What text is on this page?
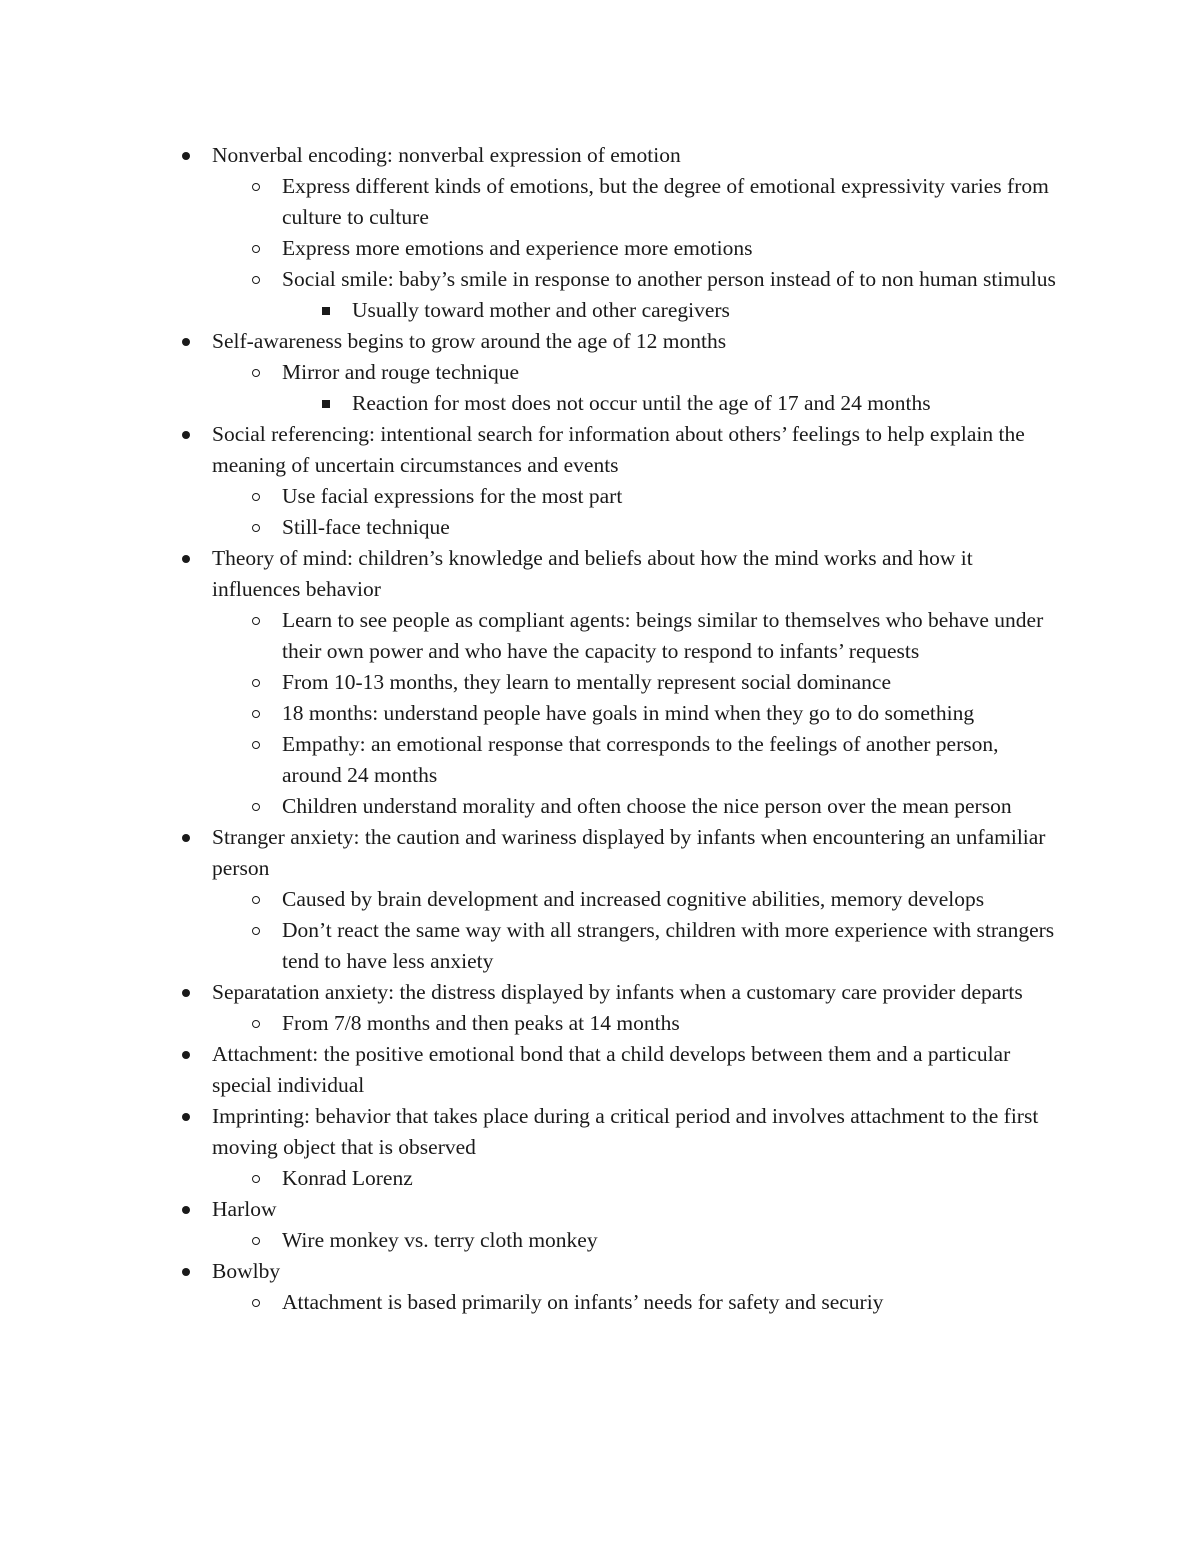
Nonverbal encoding: nonverbal expression of emotion
Express different kinds of emotions, but the degree of emotional expressivity varies from culture to culture
Express more emotions and experience more emotions
Social smile: baby’s smile in response to another person instead of to non human stimulus
Usually toward mother and other caregivers
Self-awareness begins to grow around the age of 12 months
Mirror and rouge technique
Reaction for most does not occur until the age of 17 and 24 months
Social referencing: intentional search for information about others’ feelings to help explain the meaning of uncertain circumstances and events
Use facial expressions for the most part
Still-face technique
Theory of mind: children’s knowledge and beliefs about how the mind works and how it influences behavior
Learn to see people as compliant agents: beings similar to themselves who behave under their own power and who have the capacity to respond to infants’ requests
From 10-13 months, they learn to mentally represent social dominance
18 months: understand people have goals in mind when they go to do something
Empathy: an emotional response that corresponds to the feelings of another person, around 24 months
Children understand morality and often choose the nice person over the mean person
Stranger anxiety: the caution and wariness displayed by infants when encountering an unfamiliar person
Caused by brain development and increased cognitive abilities, memory develops
Don’t react the same way with all strangers, children with more experience with strangers tend to have less anxiety
Separatation anxiety: the distress displayed by infants when a customary care provider departs
From 7/8 months and then peaks at 14 months
Attachment: the positive emotional bond that a child develops between them and a particular special individual
Imprinting: behavior that takes place during a critical period and involves attachment to the first moving object that is observed
Konrad Lorenz
Harlow
Wire monkey vs. terry cloth monkey
Bowlby
Attachment is based primarily on infants’ needs for safety and securiy
